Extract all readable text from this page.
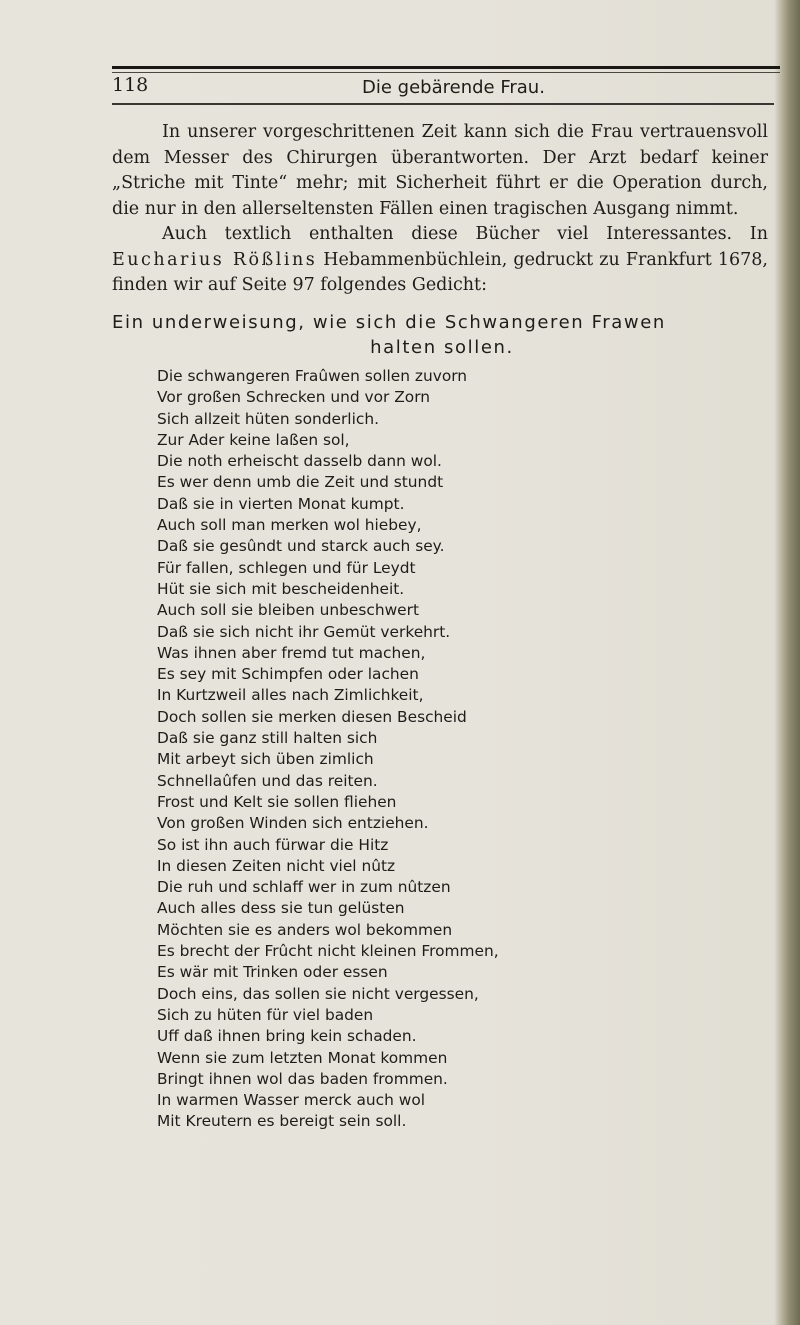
118	Die gebärende Frau.

In unserer vorgeschrittenen Zeit kann sich die Frau vertrauensvoll dem Messer des Chirurgen überantworten. Der Arzt bedarf keiner „Striche mit Tinte“ mehr; mit Sicherheit führt er die Operation durch, die nur in den allerseltensten Fällen einen tragischen Ausgang nimmt.

Auch textlich enthalten diese Bücher viel Interessantes. In Eucharius Rößlins Hebammenbüchlein, gedruckt zu Frankfurt 1678, finden wir auf Seite 97 folgendes Gedicht:

Ein underweisung, wie sich die Schwangeren Frawen
halten sollen.
Die schwangeren Fraûwen sollen zuvorn
Vor großen Schrecken und vor Zorn
Sich allzeit hüten sonderlich.
Zur Ader keine laßen sol,
Die noth erheischt dasselb dann wol.
Es wer denn umb die Zeit und stundt
Daß sie in vierten Monat kumpt.
Auch soll man merken wol hiebey,
Daß sie gesûndt und starck auch sey.
Für fallen, schlegen und für Leydt
Hüt sie sich mit bescheidenheit.
Auch soll sie bleiben unbeschwert
Daß sie sich nicht ihr Gemüt verkehrt.
Was ihnen aber fremd tut machen,
Es sey mit Schimpfen oder lachen
In Kurtzweil alles nach Zimlichkeit,
Doch sollen sie merken diesen Bescheid
Daß sie ganz still halten sich
Mit arbeyt sich üben zimlich
Schnellaûfen und das reiten.
Frost und Kelt sie sollen fliehen
Von großen Winden sich entziehen.
So ist ihn auch fürwar die Hitz
In diesen Zeiten nicht viel nûtz
Die ruh und schlaff wer in zum nûtzen
Auch alles dess sie tun gelüsten
Möchten sie es anders wol bekommen
Es brecht der Frûcht nicht kleinen Frommen,
Es wär mit Trinken oder essen
Doch eins, das sollen sie nicht vergessen,
Sich zu hüten für viel baden
Uff daß ihnen bring kein schaden.
Wenn sie zum letzten Monat kommen
Bringt ihnen wol das baden frommen.
In warmen Wasser merck auch wol
Mit Kreutern es bereigt sein soll.
